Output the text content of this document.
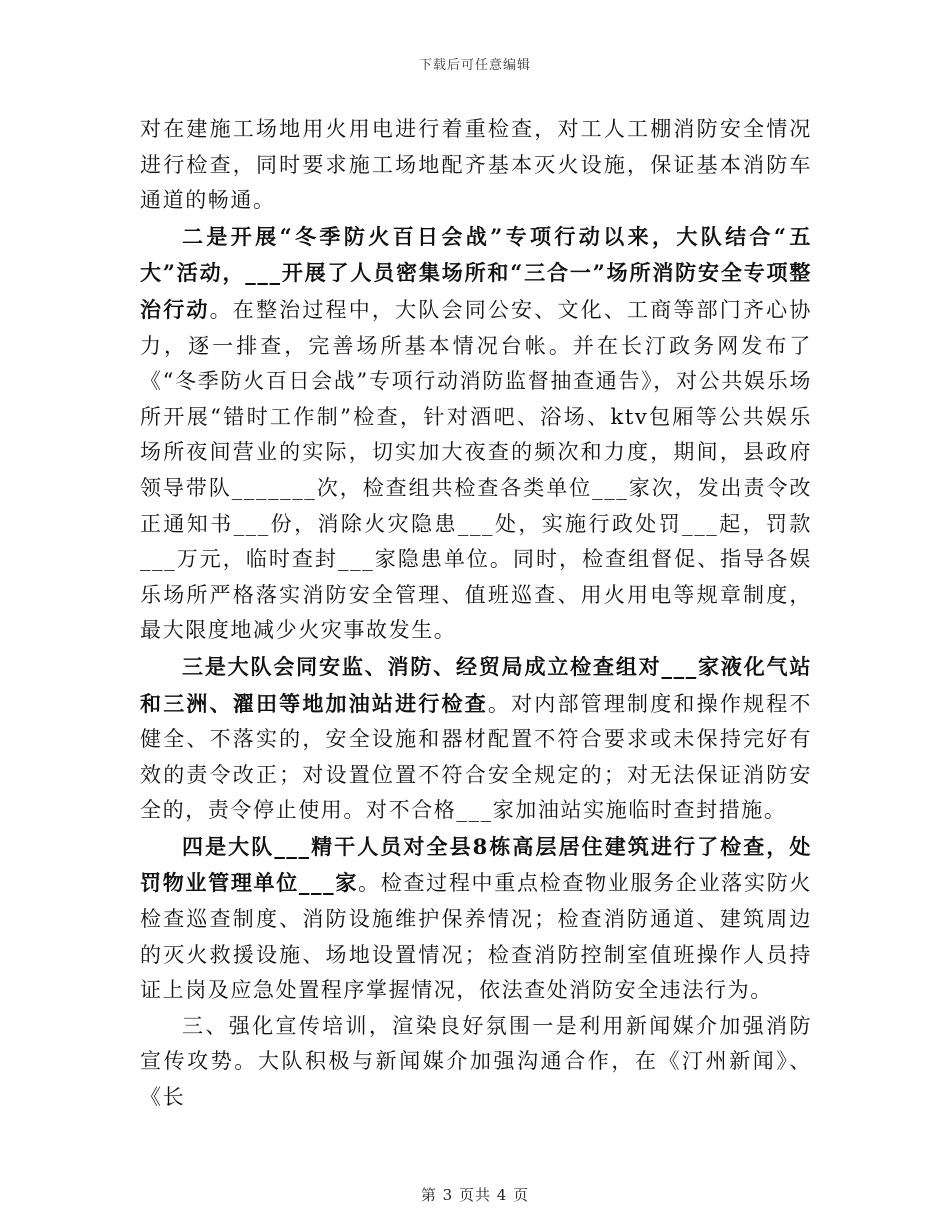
下载后可任意编辑

对在建施工场地用火用电进行着重检查，对工人工棚消防安全情况进行检查，同时要求施工场地配齐基本灭火设施，保证基本消防车通道的畅通。

二是开展“冬季防火百日会战”专项行动以来，大队结合“五大”活动，___开展了人员密集场所和“三合一”场所消防安全专项整治行动。在整治过程中，大队会同公安、文化、工商等部门齐心协力，逐一排查，完善场所基本情况台帐。并在长汀政务网发布了《“冬季防火百日会战”专项行动消防监督抽查通告》，对公共娱乐场所开展“错时工作制”检查，针对酒吧、浴场、ktv包厢等公共娱乐场所夜间营业的实际，切实加大夜查的频次和力度，期间，县政府领导带队_______次，检查组共检查各类单位___家次，发出责令改正通知书___份，消除火灾隐患___处，实施行政处罚___起，罚款___万元，临时查封___家隐患单位。同时，检查组督促、指导各娱乐场所严格落实消防安全管理、值班巡查、用火用电等规章制度，最大限度地减少火灾事故发生。

三是大队会同安监、消防、经贸局成立检查组对___家液化气站和三洲、濯田等地加油站进行检查。对内部管理制度和操作规程不健全、不落实的，安全设施和器材配置不符合要求或未保持完好有效的责令改正；对设置位置不符合安全规定的；对无法保证消防安全的，责令停止使用。对不合格___家加油站实施临时查封措施。

四是大队___精干人员对全县8栋高层居住建筑进行了检查，处罚物业管理单位___家。检查过程中重点检查物业服务企业落实防火检查巡查制度、消防设施维护保养情况；检查消防通道、建筑周边的灭火救援设施、场地设置情况；检查消防控制室值班操作人员持证上岗及应急处置程序掌握情况，依法查处消防安全违法行为。

三、强化宣传培训，渲染良好氛围一是利用新闻媒介加强消防宣传攻势。大队积极与新闻媒介加强沟通合作，在《汀州新闻》、《长

第 3 页共 4 页
